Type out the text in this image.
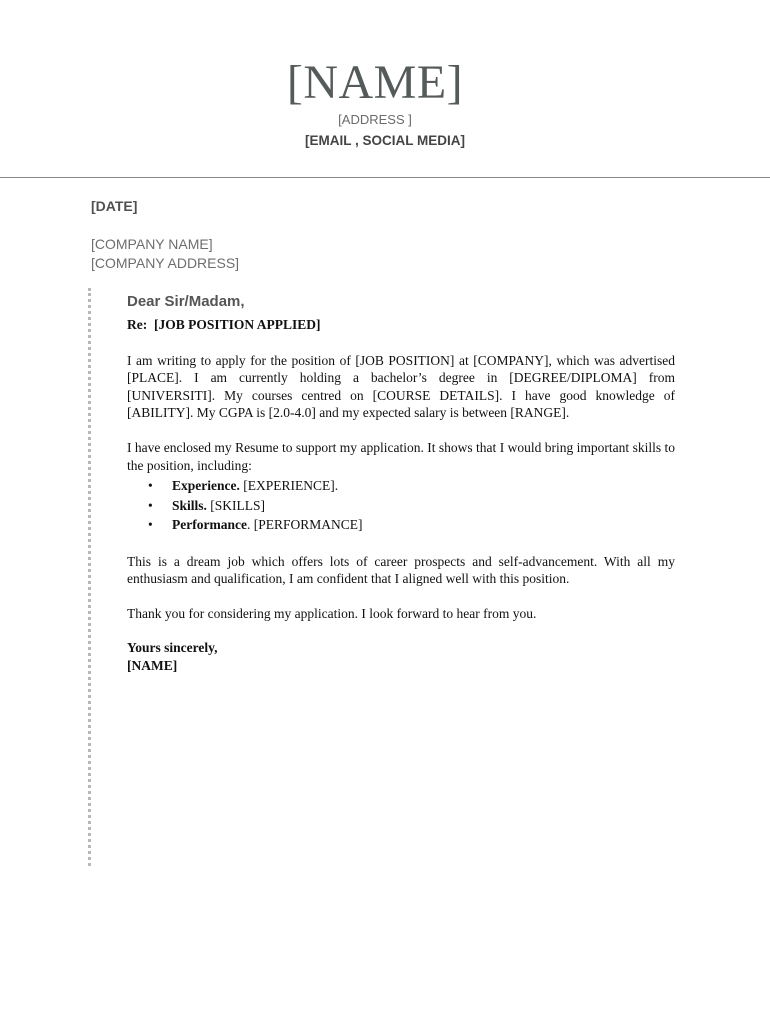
[NAME]
[ADDRESS ]
[EMAIL , SOCIAL MEDIA]
[DATE]
[COMPANY NAME]
[COMPANY ADDRESS]

Dear Sir/Madam,

Re: [JOB POSITION APPLIED]

I am writing to apply for the position of [JOB POSITION] at [COMPANY], which was advertised [PLACE]. I am currently holding a bachelor’s degree in [DEGREE/DIPLOMA] from [UNIVERSITI]. My courses centred on [COURSE DETAILS]. I have good knowledge of [ABILITY]. My CGPA is [2.0-4.0] and my expected salary is between [RANGE].

I have enclosed my Resume to support my application. It shows that I would bring important skills to the position, including:

• Experience. [EXPERIENCE].
• Skills. [SKILLS]
• Performance. [PERFORMANCE]

This is a dream job which offers lots of career prospects and self-advancement. With all my enthusiasm and qualification, I am confident that I aligned well with this position.

Thank you for considering my application. I look forward to hear from you.

Yours sincerely,

[NAME]
